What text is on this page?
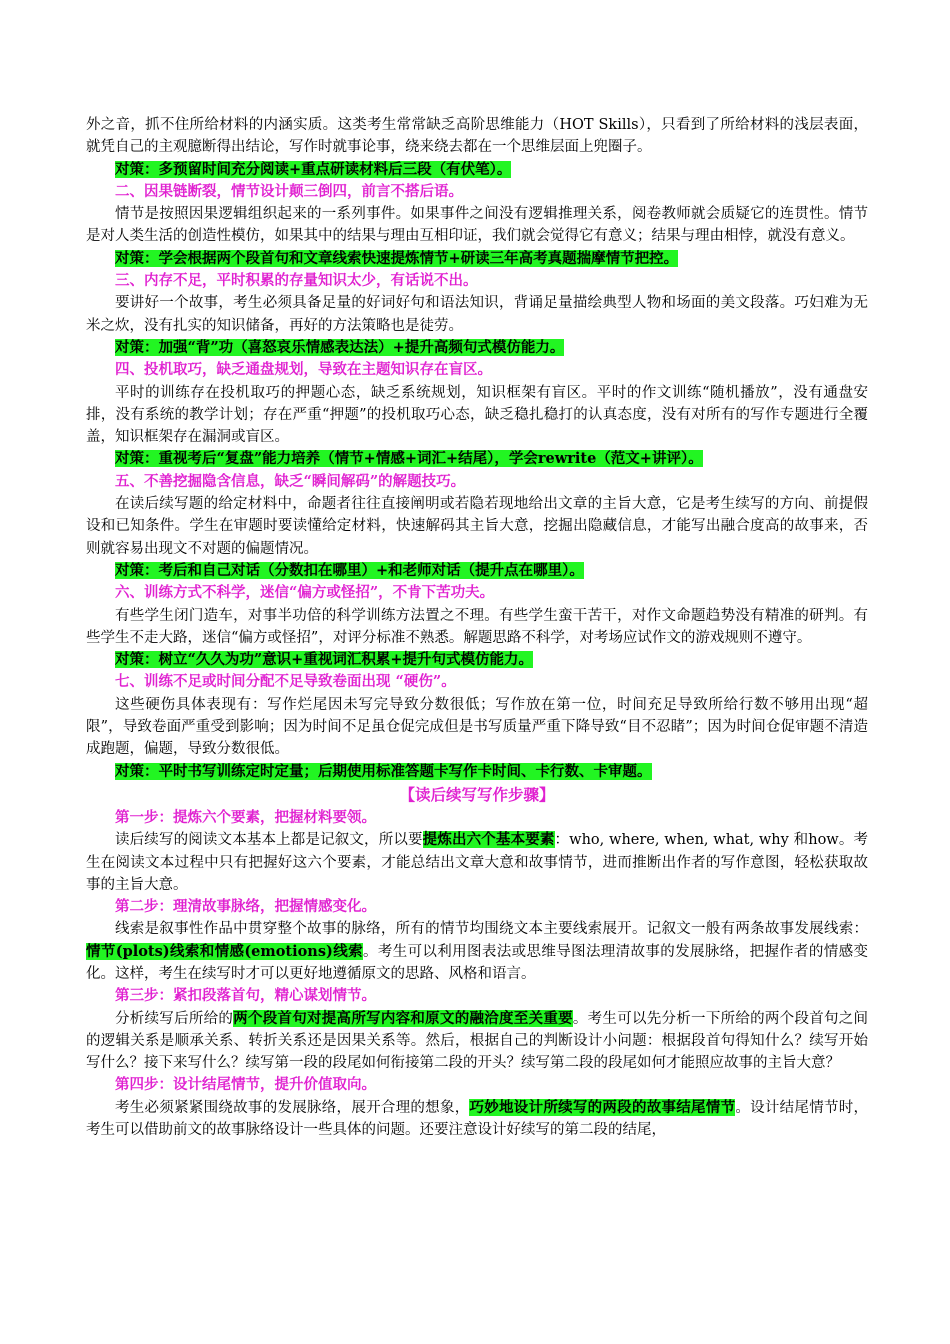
外之音，抓不住所给材料的内涵实质。这类考生常常缺乏高阶思维能力（HOT Skills），只看到了所给材料的浅层表面，就凭自己的主观臆断得出结论，写作时就事论事，绕来绕去都在一个思维层面上兜圈子。

对策：多预留时间充分阅读+重点研读材料后三段（有伏笔）。

二、因果链断裂，情节设计颠三倒四，前言不搭后语。

情节是按照因果逻辑组织起来的一系列事件。如果事件之间没有逻辑推理关系，阅卷教师就会质疑它的连贯性。情节是对人类生活的创造性模仿，如果其中的结果与理由互相印证，我们就会觉得它有意义；结果与理由相悖，就没有意义。

对策：学会根据两个段首句和文章线索快速提炼情节+研读三年高考真题揣摩情节把控。

三、内存不足，平时积累的存量知识太少，有话说不出。

要讲好一个故事，考生必须具备足量的好词好句和语法知识，背诵足量描绘典型人物和场面的美文段落。巧妇难为无米之炊，没有扎实的知识储备，再好的方法策略也是徒劳。

对策：加强“背”功（喜怒哀乐情感表达法）+提升高频句式模仿能力。

四、投机取巧，缺乏通盘规划，导致在主题知识存在盲区。

平时的训练存在投机取巧的押题心态，缺乏系统规划，知识框架有盲区。平时的作文训练“随机播放”，没有通盘安排，没有系统的教学计划；存在严重“押题”的投机取巧心态，缺乏稳扎稳打的认真态度，没有对所有的写作专题进行全覆盖，知识框架存在漏洞或盲区。

对策：重视考后“复盘”能力培养（情节+情感+词汇+结尾），学会rewrite（范文+讲评）。

五、不善挖掘隐含信息，缺乏“瞬间解码”的解题技巧。

在读后续写题的给定材料中，命题者往往直接阐明或若隐若现地给出文章的主旨大意，它是考生续写的方向、前提假设和已知条件。学生在审题时要读懂给定材料，快速解码其主旨大意，挖掘出隐藏信息，才能写出融合度高的故事来，否则就容易出现文不对题的偏题情况。

对策：考后和自己对话（分数扣在哪里）+和老师对话（提升点在哪里）。

六、训练方式不科学，迷信“偏方或怪招”，不肯下苦功夫。

有些学生闭门造车，对事半功倍的科学训练方法置之不理。有些学生蛮干苦干，对作文命题趋势没有精准的研判。有些学生不走大路，迷信“偏方或怪招”，对评分标准不熟悉。解题思路不科学，对考场应试作文的游戏规则不遵守。

对策：树立“久久为功”意识+重视词汇积累+提升句式模仿能力。

七、训练不足或时间分配不足导致卷面出现 “硬伤”。

这些硬伤具体表现有：写作烂尾因未写完导致分数很低；写作放在第一位，时间充足导致所给行数不够用出现“超限”，导致卷面严重受到影响；因为时间不足虽仓促完成但是书写质量严重下降导致“目不忍睹”；因为时间仓促审题不清造成跑题，偏题，导致分数很低。

对策：平时书写训练定时定量；后期使用标准答题卡写作卡时间、卡行数、卡审题。

【读后续写写作步骤】

第一步：提炼六个要素，把握材料要领。

读后续写的阅读文本基本上都是记叙文，所以要提炼出六个基本要素：who, where, when, what, why 和how。考生在阅读文本过程中只有把握好这六个要素，才能总结出文章大意和故事情节，进而推断出作者的写作意图，轻松获取故事的主旨大意。

第二步：理清故事脉络，把握情感变化。

线索是叙事性作品中贯穿整个故事的脉络，所有的情节均围绕文本主要线索展开。记叙文一般有两条故事发展线索：情节(plots)线索和情感(emotions)线索。考生可以利用图表法或思维导图法理清故事的发展脉络，把握作者的情感变化。这样，考生在续写时才可以更好地遵循原文的思路、风格和语言。

第三步：紧扣段落首句，精心谋划情节。

分析续写后所给的两个段首句对提高所写内容和原文的融洽度至关重要。考生可以先分析一下所给的两个段首句之间的逻辑关系是顺承关系、转折关系还是因果关系等。然后，根据自己的判断设计小问题：根据段首句得知什么？续写开始写什么？接下来写什么？续写第一段的段尾如何衔接第二段的开头？续写第二段的段尾如何才能照应故事的主旨大意？

第四步：设计结尾情节，提升价值取向。

考生必须紧紧围绕故事的发展脉络，展开合理的想象，巧妙地设计所续写的两段的故事结尾情节。设计结尾情节时，考生可以借助前文的故事脉络设计一些具体的问题。还要注意设计好续写的第二段的结尾，
